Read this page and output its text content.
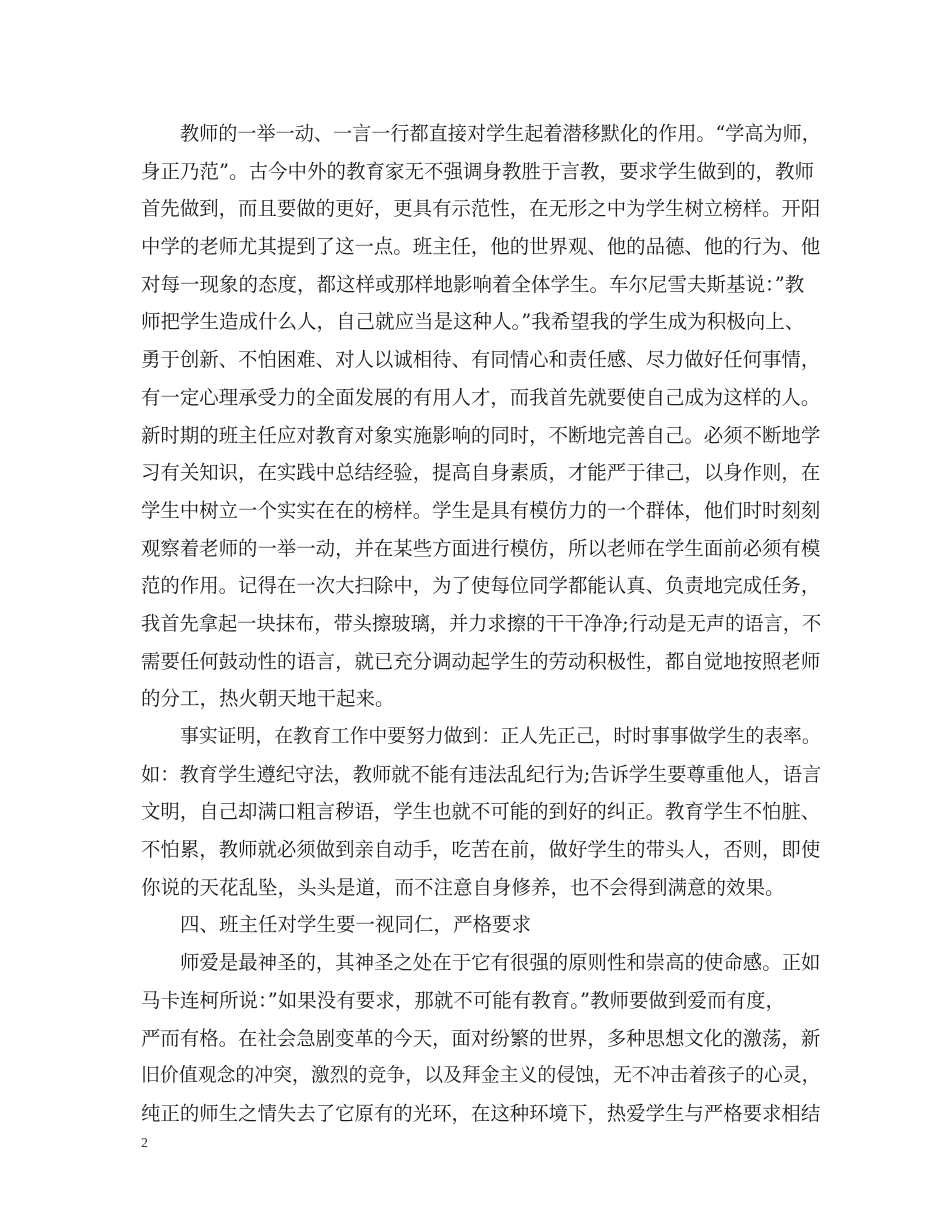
教师的一举一动、一言一行都直接对学生起着潜移默化的作用。“学高为师，
身正乃范”。古今中外的教育家无不强调身教胜于言教，要求学生做到的，教师
首先做到，而且要做的更好，更具有示范性，在无形之中为学生树立榜样。开阳
中学的老师尤其提到了这一点。班主任，他的世界观、他的品德、他的行为、他
对每一现象的态度，都这样或那样地影响着全体学生。车尔尼雪夫斯基说：”教
师把学生造成什么人，自己就应当是这种人。”我希望我的学生成为积极向上、
勇于创新、不怕困难、对人以诚相待、有同情心和责任感、尽力做好任何事情，
有一定心理承受力的全面发展的有用人才，而我首先就要使自己成为这样的人。
新时期的班主任应对教育对象实施影响的同时，不断地完善自己。必须不断地学
习有关知识，在实践中总结经验，提高自身素质，才能严于律己，以身作则，在
学生中树立一个实实在在的榜样。学生是具有模仿力的一个群体，他们时时刻刻
观察着老师的一举一动，并在某些方面进行模仿，所以老师在学生面前必须有模
范的作用。记得在一次大扫除中，为了使每位同学都能认真、负责地完成任务，
我首先拿起一块抹布，带头擦玻璃，并力求擦的干干净净;行动是无声的语言，不
需要任何鼓动性的语言，就已充分调动起学生的劳动积极性，都自觉地按照老师
的分工，热火朝天地干起来。
事实证明，在教育工作中要努力做到：正人先正己，时时事事做学生的表率。
如：教育学生遵纪守法，教师就不能有违法乱纪行为;告诉学生要尊重他人，语言
文明，自己却满口粗言秽语，学生也就不可能的到好的纠正。教育学生不怕脏、
不怕累，教师就必须做到亲自动手，吃苦在前，做好学生的带头人，否则，即使
你说的天花乱坠，头头是道，而不注意自身修养，也不会得到满意的效果。
四、班主任对学生要一视同仁，严格要求
师爱是最神圣的，其神圣之处在于它有很强的原则性和崇高的使命感。正如
马卡连柯所说：”如果没有要求，那就不可能有教育。”教师要做到爱而有度，
严而有格。在社会急剧变革的今天，面对纷繁的世界，多种思想文化的激荡，新
旧价值观念的冲突，激烈的竞争，以及拜金主义的侵蚀，无不冲击着孩子的心灵，
纯正的师生之情失去了它原有的光环，在这种环境下，热爱学生与严格要求相结
2
